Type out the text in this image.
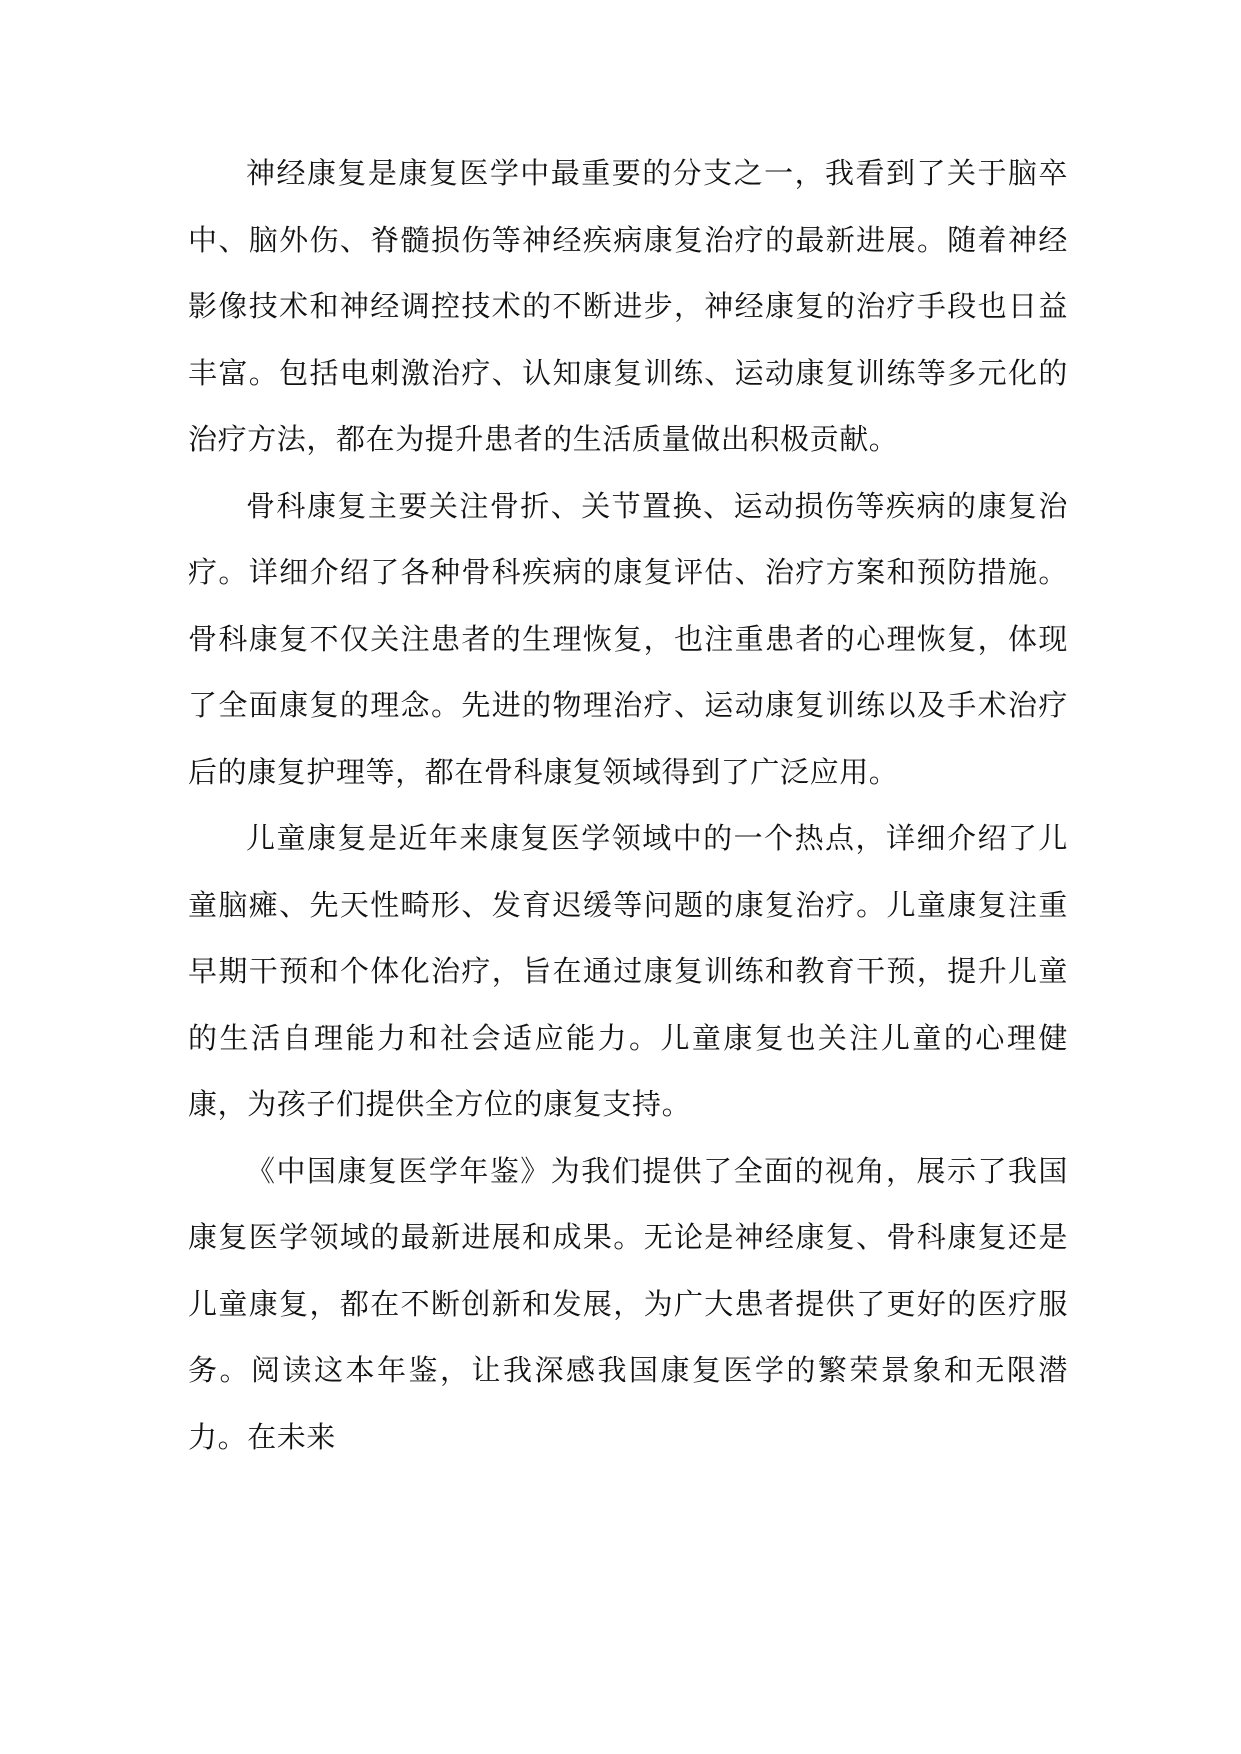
神经康复是康复医学中最重要的分支之一，我看到了关于脑卒中、脑外伤、脊髓损伤等神经疾病康复治疗的最新进展。随着神经影像技术和神经调控技术的不断进步，神经康复的治疗手段也日益丰富。包括电刺激治疗、认知康复训练、运动康复训练等多元化的治疗方法，都在为提升患者的生活质量做出积极贡献。

骨科康复主要关注骨折、关节置换、运动损伤等疾病的康复治疗。详细介绍了各种骨科疾病的康复评估、治疗方案和预防措施。骨科康复不仅关注患者的生理恢复，也注重患者的心理恢复，体现了全面康复的理念。先进的物理治疗、运动康复训练以及手术治疗后的康复护理等，都在骨科康复领域得到了广泛应用。

儿童康复是近年来康复医学领域中的一个热点，详细介绍了儿童脑瘫、先天性畸形、发育迟缓等问题的康复治疗。儿童康复注重早期干预和个体化治疗，旨在通过康复训练和教育干预，提升儿童的生活自理能力和社会适应能力。儿童康复也关注儿童的心理健康，为孩子们提供全方位的康复支持。

《中国康复医学年鉴》为我们提供了全面的视角，展示了我国康复医学领域的最新进展和成果。无论是神经康复、骨科康复还是儿童康复，都在不断创新和发展，为广大患者提供了更好的医疗服务。阅读这本年鉴，让我深感我国康复医学的繁荣景象和无限潜力。在未来
